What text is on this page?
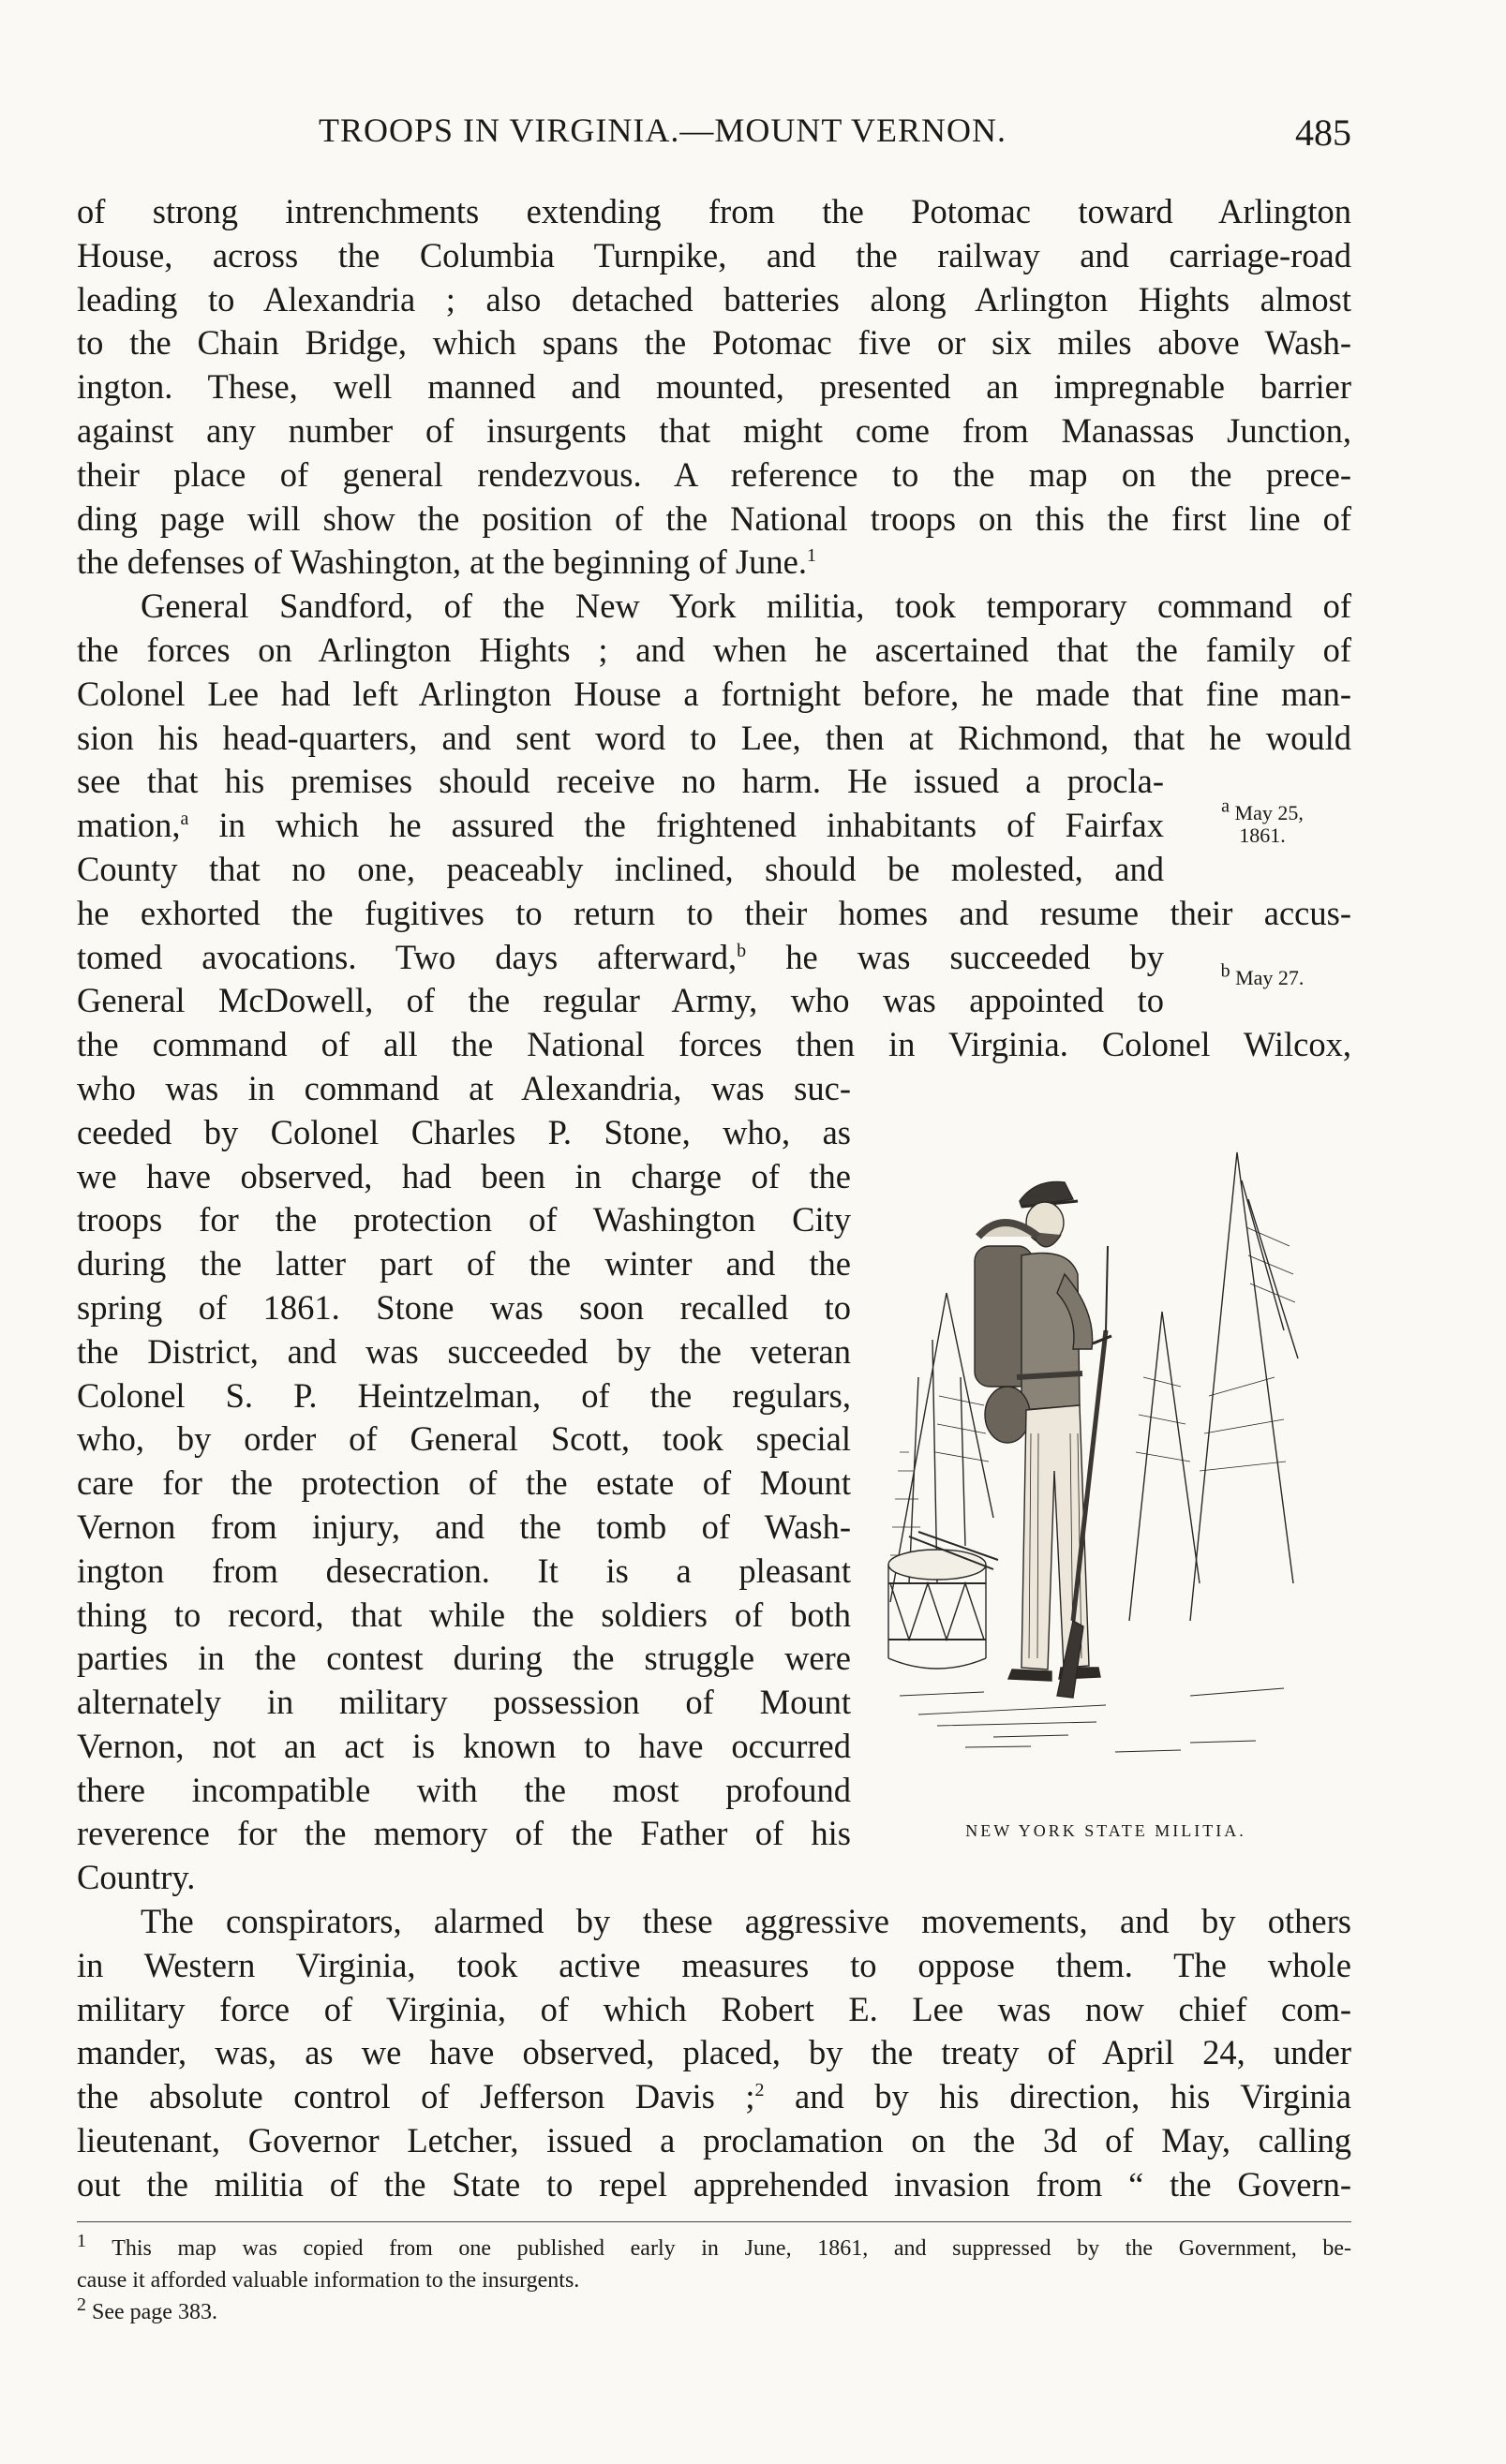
TROOPS IN VIRGINIA.—MOUNT VERNON.	485
of strong intrenchments extending from the Potomac toward Arlington
House, across the Columbia Turnpike, and the railway and carriage-road
leading to Alexandria ; also detached batteries along Arlington Hights almost
to the Chain Bridge, which spans the Potomac five or six miles above Wash-
ington. These, well manned and mounted, presented an impregnable barrier
against any number of insurgents that might come from Manassas Junction,
their place of general rendezvous. A reference to the map on the prece-
ding page will show the position of the National troops on this the first line of
the defenses of Washington, at the beginning of June.$^1$
General Sandford, of the New York militia, took temporary command of
the forces on Arlington Hights ; and when he ascertained that the family of
Colonel Lee had left Arlington House a fortnight before, he made that fine man-
sion his head-quarters, and sent word to Lee, then at Richmond, that he would
see that his premises should receive no harm. He issued a procla-
mation,$^a$ in which he assured the frightened inhabitants of Fairfax
County that no one, peaceably inclined, should be molested, and
he exhorted the fugitives to return to their homes and resume their accus-
tomed avocations. Two days afterward,$^b$ he was succeeded by
General McDowell, of the regular Army, who was appointed to
the command of all the National forces then in Virginia. Colonel Wilcox,
who was in command at Alexandria, was suc-
ceeded by Colonel Charles P. Stone, who, as
we have observed, had been in charge of the
troops for the protection of Washington City
during the latter part of the winter and the
spring of 1861. Stone was soon recalled to
the District, and was succeeded by the veteran
Colonel S. P. Heintzelman, of the regulars,
who, by order of General Scott, took special
care for the protection of the estate of Mount
Vernon from injury, and the tomb of Wash-
ington from desecration. It is a pleasant
thing to record, that while the soldiers of both
parties in the contest during the struggle were
alternately in military possession of Mount
Vernon, not an act is known to have occurred
there incompatible with the most profound
reverence for the memory of the Father of his
Country.
The conspirators, alarmed by these aggressive movements, and by others
in Western Virginia, took active measures to oppose them. The whole
military force of Virginia, of which Robert E. Lee was now chief com-
mander, was, as we have observed, placed, by the treaty of April 24, under
the absolute control of Jefferson Davis ;$^2$ and by his direction, his Virginia
lieutenant, Governor Letcher, issued a proclamation on the 3d of May, calling
out the militia of the State to repel apprehended invasion from “ the Govern-
$^a$ May 25,
1861.
$^b$ May 27.
NEW YORK STATE MILITIA.
$^1$ This map was copied from one published early in June, 1861, and suppressed by the Government, be-
cause it afforded valuable information to the insurgents.
$^2$ See page 383.
